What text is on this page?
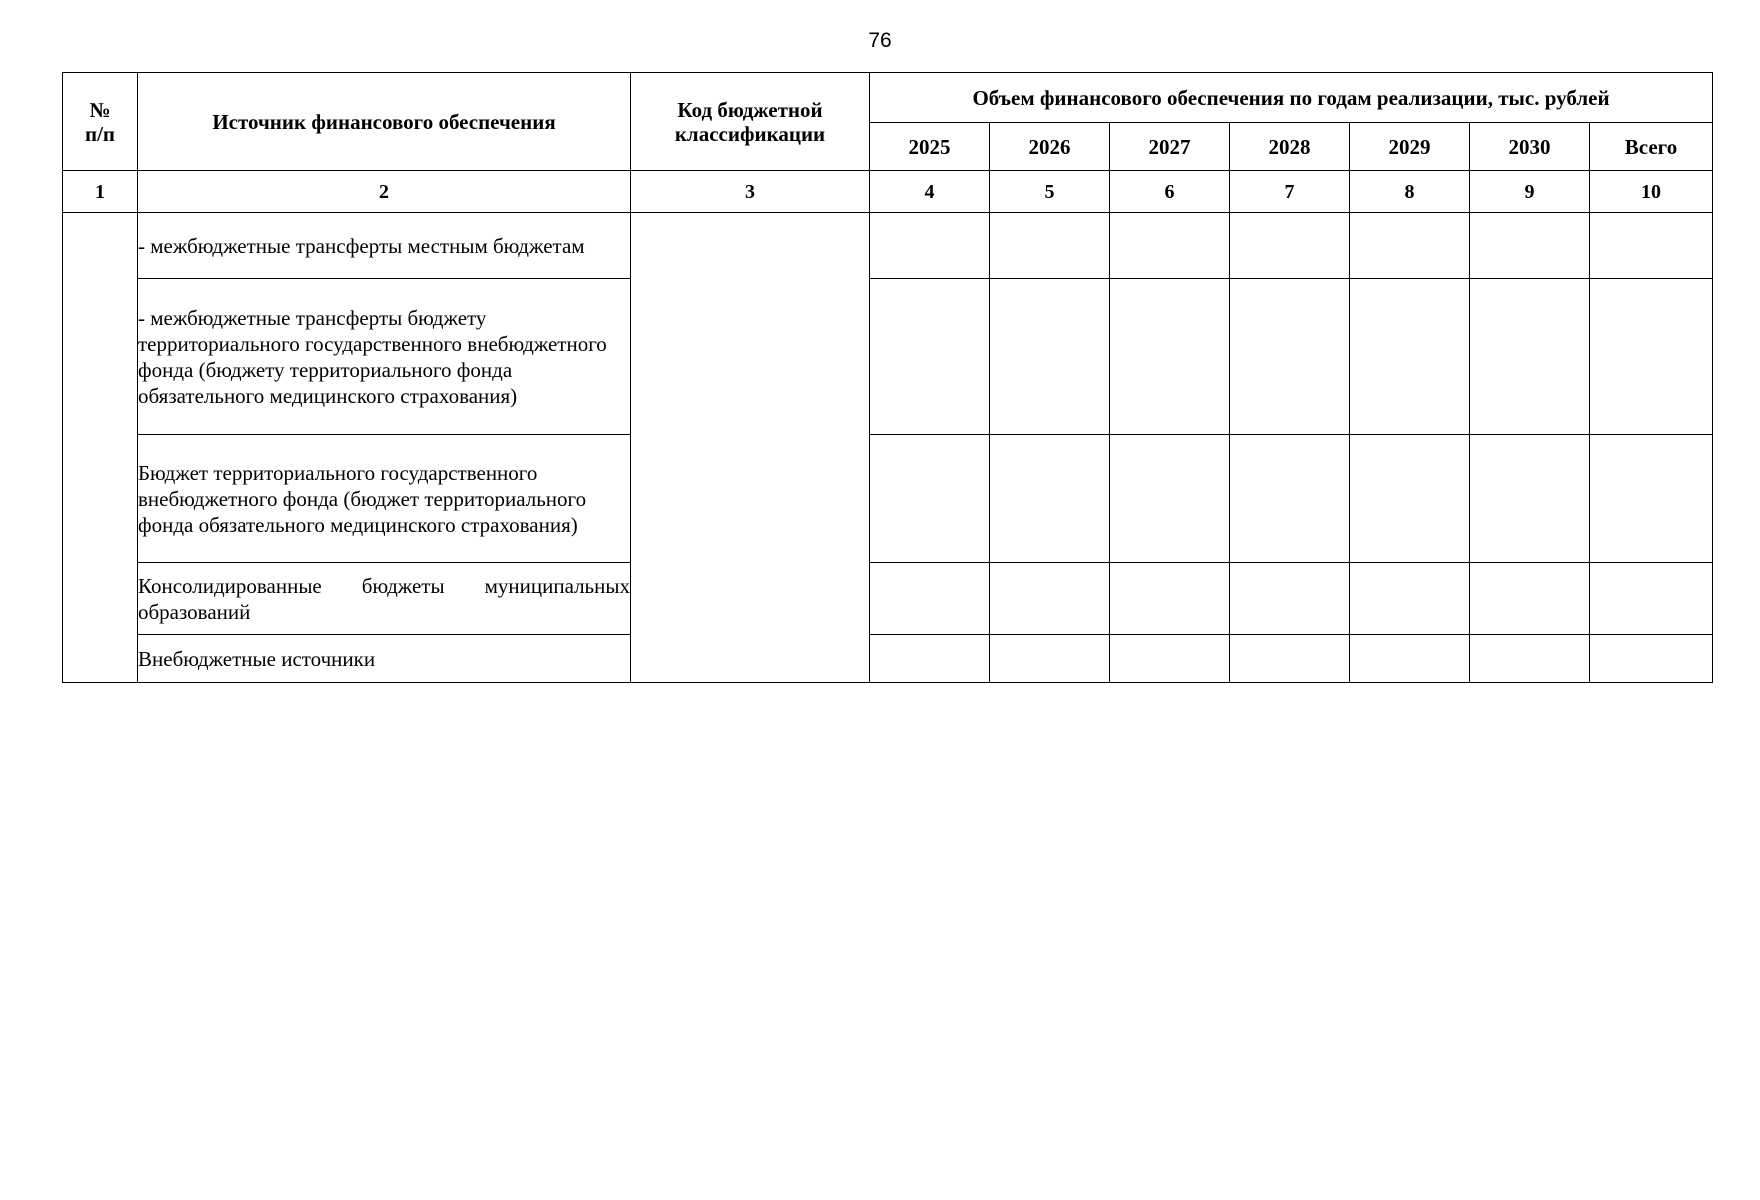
76
№
п/п	Источник финансового обеспечения	Код бюджетной классификации	Объем финансового обеспечения по годам реализации, тыс. рублей						
			2025	2026	2027	2028	2029	2030	Всего
1	2	3	4	5	6	7	8	9	10
	- межбюджетные трансферты местным бюджетам								
	- межбюджетные трансферты бюджету территориального государственного внебюджетного фонда (бюджету территориального фонда обязательного медицинского страхования)								
	Бюджет территориального государственного внебюджетного фонда (бюджет территориального фонда обязательного медицинского страхования)								
	Консолидированные бюджеты муниципальных образований								
	Внебюджетные источники								
